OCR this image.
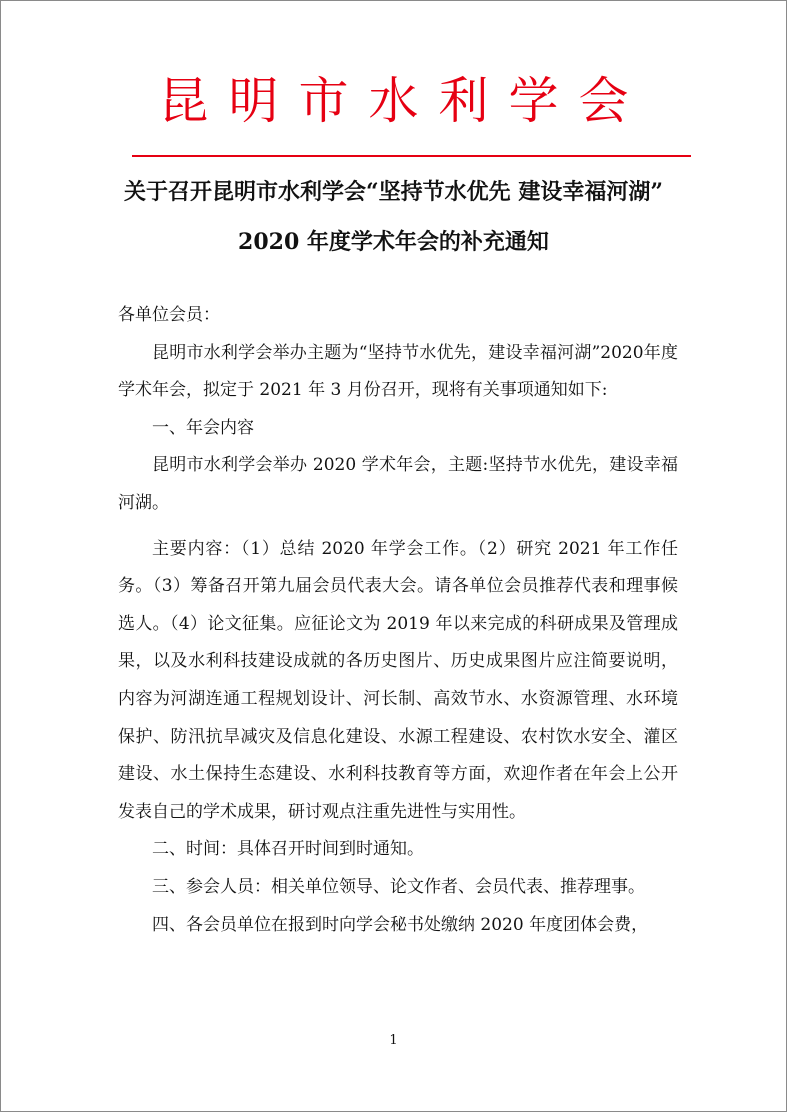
昆明市水利学会
关于召开昆明市水利学会“坚持节水优先 建设幸福河湖”
2020 年度学术年会的补充通知

各单位会员：

昆明市水利学会举办主题为“坚持节水优先，建设幸福河湖”2020年度学术年会，拟定于 2021 年 3 月份召开，现将有关事项通知如下:

一、年会内容

昆明市水利学会举办 2020 学术年会，主题:坚持节水优先，建设幸福河湖。

主要内容：（1）总结 2020 年学会工作。（2）研究 2021 年工作任务。（3）筹备召开第九届会员代表大会。请各单位会员推荐代表和理事候选人。（4）论文征集。应征论文为 2019 年以来完成的科研成果及管理成果，以及水利科技建设成就的各历史图片、历史成果图片应注简要说明，内容为河湖连通工程规划设计、河长制、高效节水、水资源管理、水环境保护、防汛抗旱减灾及信息化建设、水源工程建设、农村饮水安全、灌区建设、水土保持生态建设、水利科技教育等方面，欢迎作者在年会上公开发表自己的学术成果，研讨观点注重先进性与实用性。

二、时间：具体召开时间到时通知。

三、参会人员：相关单位领导、论文作者、会员代表、推荐理事。

四、各会员单位在报到时向学会秘书处缴纳 2020 年度团体会费，

1
